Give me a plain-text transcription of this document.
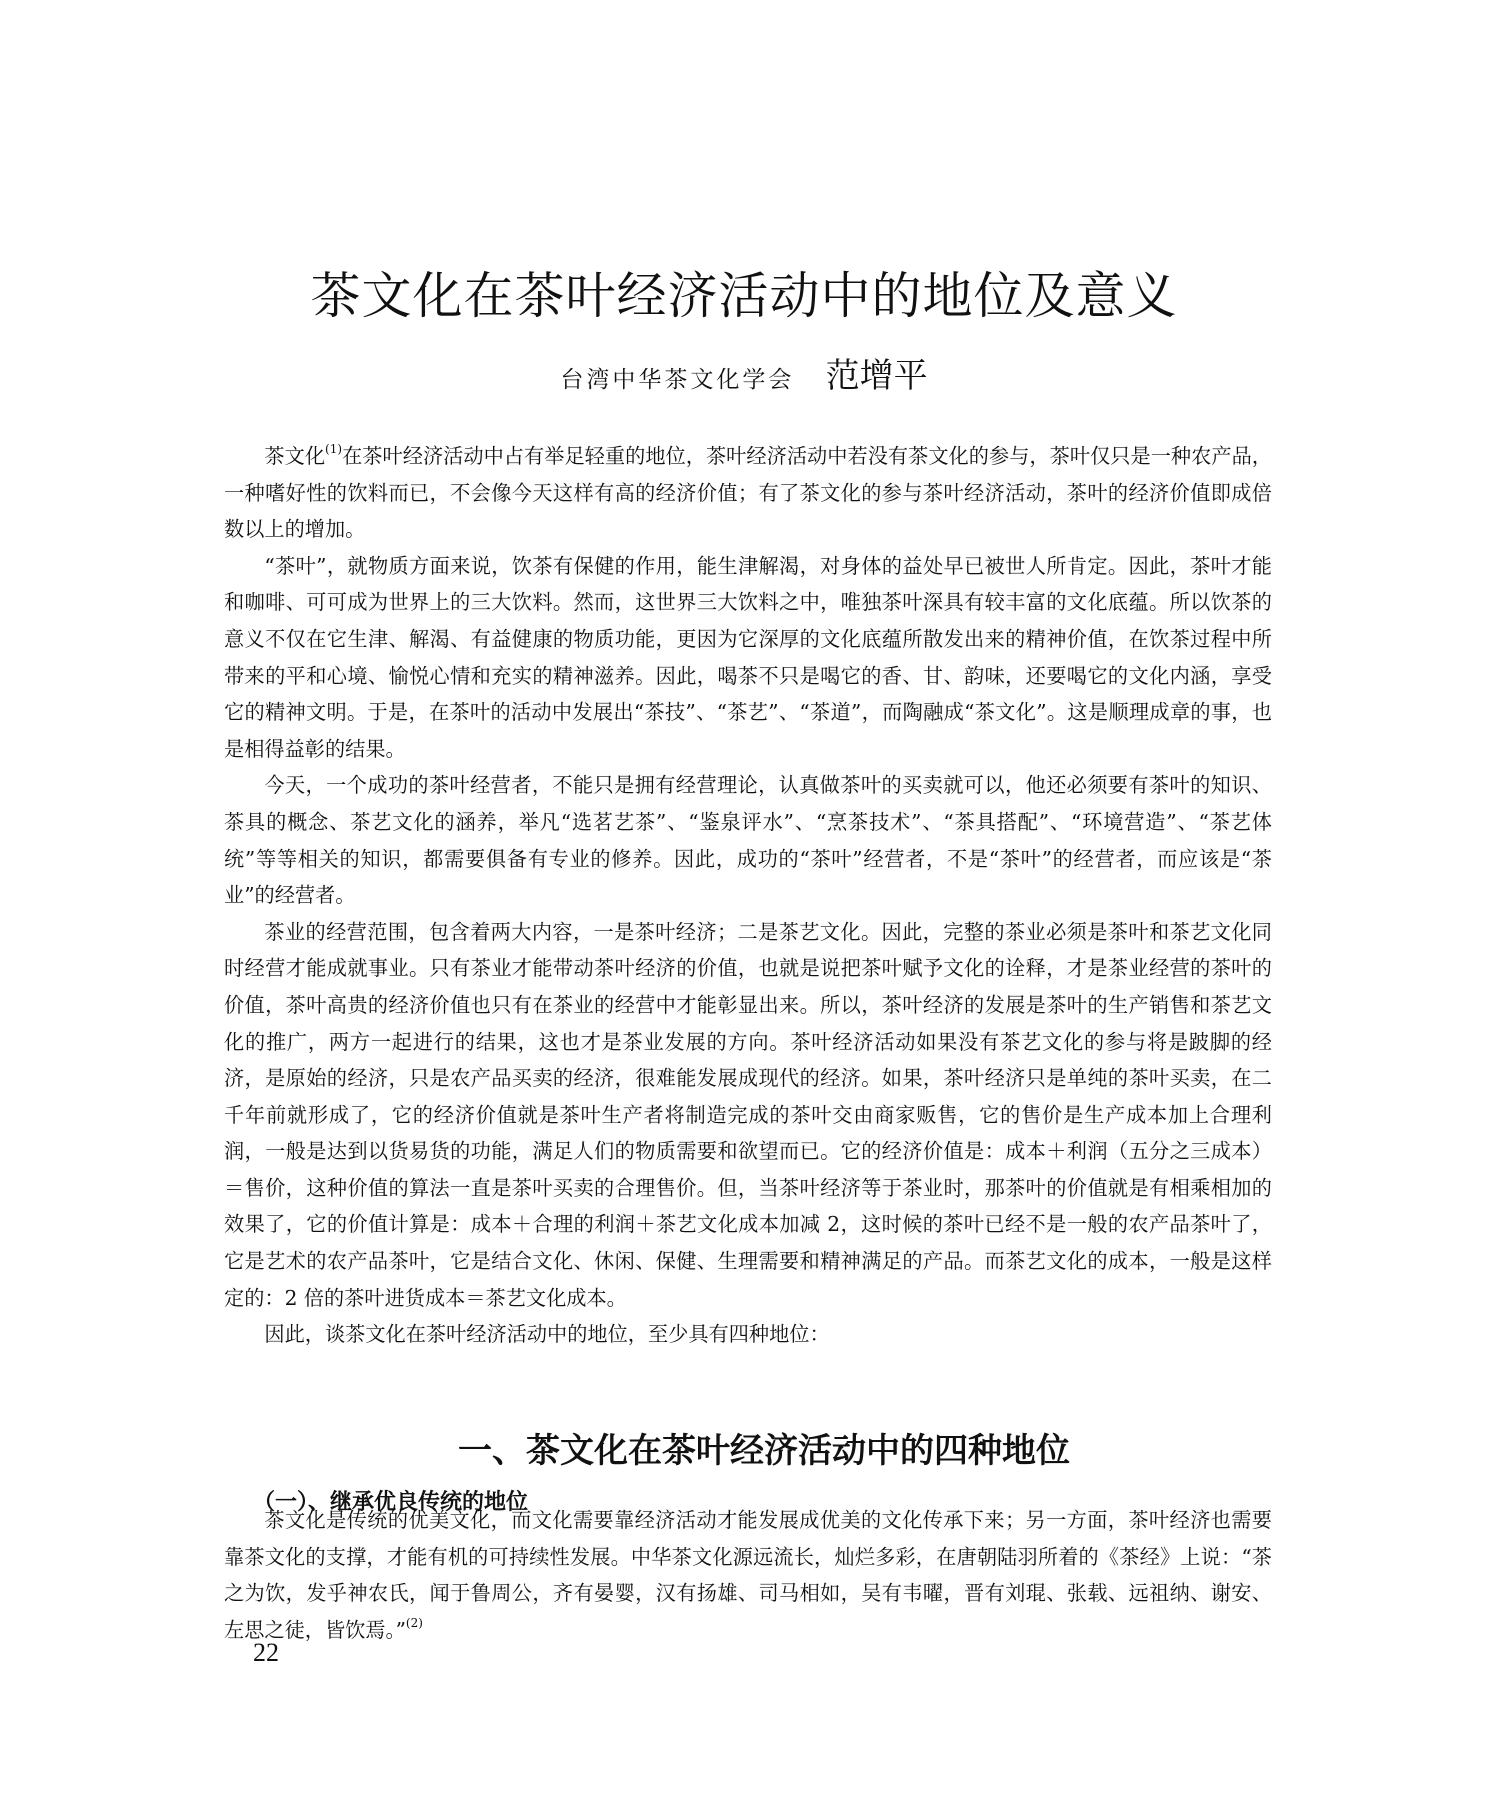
茶文化在茶叶经济活动中的地位及意义
台湾中华茶文化学会 范增平

茶文化$^{(1)}$在茶叶经济活动中占有举足轻重的地位，茶叶经济活动中若没有茶文化的参与，茶叶仅只是一种农产品，一种嗜好性的饮料而已，不会像今天这样有高的经济价值；有了茶文化的参与茶叶经济活动，茶叶的经济价值即成倍数以上的增加。

“茶叶”，就物质方面来说，饮茶有保健的作用，能生津解渴，对身体的益处早已被世人所肯定。因此，茶叶才能和咖啡、可可成为世界上的三大饮料。然而，这世界三大饮料之中，唯独茶叶深具有较丰富的文化底蕴。所以饮茶的意义不仅在它生津、解渴、有益健康的物质功能，更因为它深厚的文化底蕴所散发出来的精神价值，在饮茶过程中所带来的平和心境、愉悦心情和充实的精神滋养。因此，喝茶不只是喝它的香、甘、韵味，还要喝它的文化内涵，享受它的精神文明。于是，在茶叶的活动中发展出“茶技”、“茶艺”、“茶道”，而陶融成“茶文化”。这是顺理成章的事，也是相得益彰的结果。

今天，一个成功的茶叶经营者，不能只是拥有经营理论，认真做茶叶的买卖就可以，他还必须要有茶叶的知识、茶具的概念、茶艺文化的涵养，举凡“选茗艺茶”、“鉴泉评水”、“烹茶技术”、“茶具搭配”、“环境营造”、“茶艺体统”等等相关的知识，都需要俱备有专业的修养。因此，成功的“茶叶”经营者，不是“茶叶”的经营者，而应该是“茶业”的经营者。

茶业的经营范围，包含着两大内容，一是茶叶经济；二是茶艺文化。因此，完整的茶业必须是茶叶和茶艺文化同时经营才能成就事业。只有茶业才能带动茶叶经济的价值，也就是说把茶叶赋予文化的诠释，才是茶业经营的茶叶的价值，茶叶高贵的经济价值也只有在茶业的经营中才能彰显出来。所以，茶叶经济的发展是茶叶的生产销售和茶艺文化的推广，两方一起进行的结果，这也才是茶业发展的方向。茶叶经济活动如果没有茶艺文化的参与将是跛脚的经济，是原始的经济，只是农产品买卖的经济，很难能发展成现代的经济。如果，茶叶经济只是单纯的茶叶买卖，在二千年前就形成了，它的经济价值就是茶叶生产者将制造完成的茶叶交由商家贩售，它的售价是生产成本加上合理利润，一般是达到以货易货的功能，满足人们的物质需要和欲望而已。它的经济价值是：成本＋利润（五分之三成本）＝售价，这种价值的算法一直是茶叶买卖的合理售价。但，当茶叶经济等于茶业时，那茶叶的价值就是有相乘相加的效果了，它的价值计算是：成本＋合理的利润＋茶艺文化成本加减 2，这时候的茶叶已经不是一般的农产品茶叶了，它是艺术的农产品茶叶，它是结合文化、休闲、保健、生理需要和精神满足的产品。而茶艺文化的成本，一般是这样定的：2 倍的茶叶进货成本＝茶艺文化成本。

因此，谈茶文化在茶叶经济活动中的地位，至少具有四种地位：

一、茶文化在茶叶经济活动中的四种地位
（一）、继承优良传统的地位

茶文化是传统的优美文化，而文化需要靠经济活动才能发展成优美的文化传承下来；另一方面，茶叶经济也需要靠茶文化的支撑，才能有机的可持续性发展。中华茶文化源远流长，灿烂多彩，在唐朝陆羽所着的《茶经》上说：“茶之为饮，发乎神农氏，闻于鲁周公，齐有晏婴，汉有扬雄、司马相如，吴有韦曜，晋有刘琨、张载、远祖纳、谢安、左思之徒，皆饮焉。”$^{(2)}$

22
